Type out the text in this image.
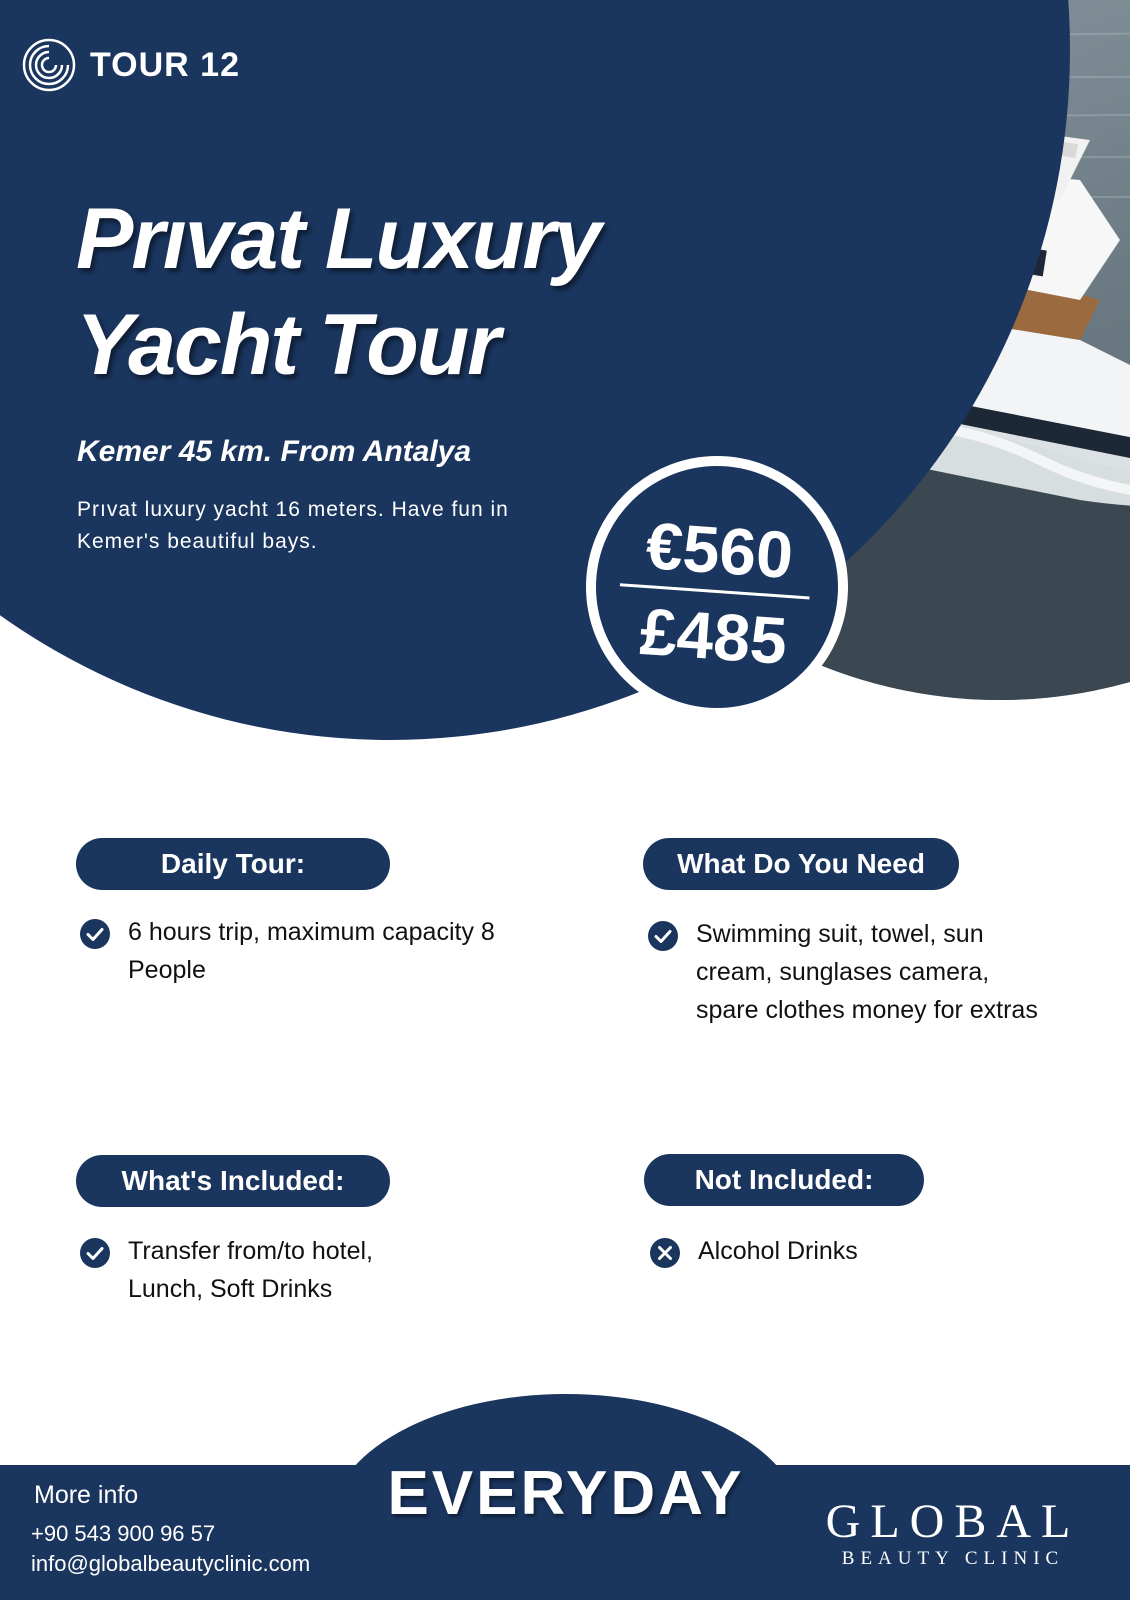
TOUR 12
Prıvat Luxury
Yacht Tour
Kemer 45 km. From Antalya
Prıvat luxury yacht 16 meters. Have fun in Kemer's beautiful bays.	€560
£485
Daily Tour:
6 hours trip, maximum capacity 8 People
What Do You Need
Swimming suit, towel, sun cream, sunglases camera, spare clothes money for extras
What's Included:
Transfer from/to hotel, Lunch, Soft Drinks
Not Included:
Alcohol Drinks
EVERYDAY
More info
+90 543 900 96 57
info@globalbeautyclinic.com
GLOBAL
BEAUTY CLINIC
